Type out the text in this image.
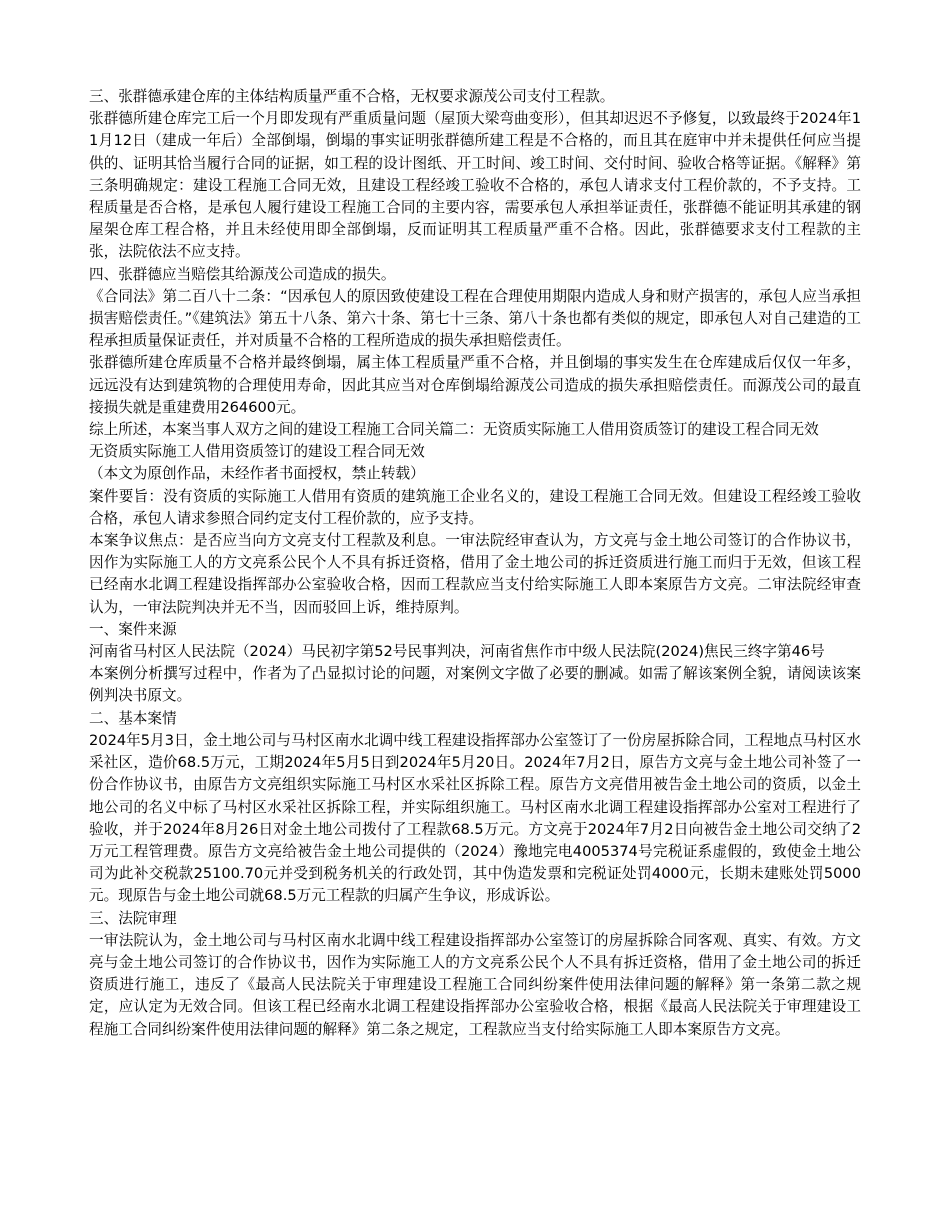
三、张群德承建仓库的主体结构质量严重不合格，无权要求源茂公司支付工程款。

张群德所建仓库完工后一个月即发现有严重质量问题（屋顶大梁弯曲变形），但其却迟迟不予修复，以致最终于2024年11月12日（建成一年后）全部倒塌，倒塌的事实证明张群德所建工程是不合格的，而且其在庭审中并未提供任何应当提供的、证明其恰当履行合同的证据，如工程的设计图纸、开工时间、竣工时间、交付时间、验收合格等证据。《解释》第三条明确规定：建设工程施工合同无效，且建设工程经竣工验收不合格的，承包人请求支付工程价款的，不予支持。工程质量是否合格，是承包人履行建设工程施工合同的主要内容，需要承包人承担举证责任，张群德不能证明其承建的钢屋架仓库工程合格，并且未经使用即全部倒塌，反而证明其工程质量严重不合格。因此，张群德要求支付工程款的主张，法院依法不应支持。

四、张群德应当赔偿其给源茂公司造成的损失。

《合同法》第二百八十二条：“因承包人的原因致使建设工程在合理使用期限内造成人身和财产损害的，承包人应当承担损害赔偿责任。”《建筑法》第五十八条、第六十条、第七十三条、第八十条也都有类似的规定，即承包人对自己建造的工程承担质量保证责任，并对质量不合格的工程所造成的损失承担赔偿责任。

张群德所建仓库质量不合格并最终倒塌，属主体工程质量严重不合格，并且倒塌的事实发生在仓库建成后仅仅一年多，远远没有达到建筑物的合理使用寿命，因此其应当对仓库倒塌给源茂公司造成的损失承担赔偿责任。而源茂公司的最直接损失就是重建费用264600元。

综上所述，本案当事人双方之间的建设工程施工合同关篇二：无资质实际施工人借用资质签订的建设工程合同无效

无资质实际施工人借用资质签订的建设工程合同无效

（本文为原创作品，未经作者书面授权，禁止转载）

案件要旨：没有资质的实际施工人借用有资质的建筑施工企业名义的，建设工程施工合同无效。但建设工程经竣工验收合格，承包人请求参照合同约定支付工程价款的，应予支持。

本案争议焦点：是否应当向方文亮支付工程款及利息。一审法院经审查认为，方文亮与金土地公司签订的合作协议书，因作为实际施工人的方文亮系公民个人不具有拆迁资格，借用了金土地公司的拆迁资质进行施工而归于无效，但该工程已经南水北调工程建设指挥部办公室验收合格，因而工程款应当支付给实际施工人即本案原告方文亮。二审法院经审查认为，一审法院判决并无不当，因而驳回上诉，维持原判。

一、案件来源

河南省马村区人民法院（2024）马民初字第52号民事判决，河南省焦作市中级人民法院(2024)焦民三终字第46号

本案例分析撰写过程中，作者为了凸显拟讨论的问题，对案例文字做了必要的删减。如需了解该案例全貌，请阅读该案例判决书原文。

二、基本案情

2024年5月3日，金土地公司与马村区南水北调中线工程建设指挥部办公室签订了一份房屋拆除合同，工程地点马村区水采社区，造价68.5万元，工期2024年5月5日到2024年5月20日。2024年7月2日，原告方文亮与金土地公司补签了一份合作协议书，由原告方文亮组织实际施工马村区水采社区拆除工程。原告方文亮借用被告金土地公司的资质，以金土地公司的名义中标了马村区水采社区拆除工程，并实际组织施工。马村区南水北调工程建设指挥部办公室对工程进行了验收，并于2024年8月26日对金土地公司拨付了工程款68.5万元。方文亮于2024年7月2日向被告金土地公司交纳了2万元工程管理费。原告方文亮给被告金土地公司提供的（2024）豫地完电4005374号完税证系虚假的，致使金土地公司为此补交税款25100.70元并受到税务机关的行政处罚，其中伪造发票和完税证处罚4000元，长期未建账处罚5000元。现原告与金土地公司就68.5万元工程款的归属产生争议，形成诉讼。

三、法院审理

一审法院认为，金土地公司与马村区南水北调中线工程建设指挥部办公室签订的房屋拆除合同客观、真实、有效。方文亮与金土地公司签订的合作协议书，因作为实际施工人的方文亮系公民个人不具有拆迁资格，借用了金土地公司的拆迁资质进行施工，违反了《最高人民法院关于审理建设工程施工合同纠纷案件使用法律问题的解释》第一条第二款之规定，应认定为无效合同。但该工程已经南水北调工程建设指挥部办公室验收合格，根据《最高人民法院关于审理建设工程施工合同纠纷案件使用法律问题的解释》第二条之规定，工程款应当支付给实际施工人即本案原告方文亮。
